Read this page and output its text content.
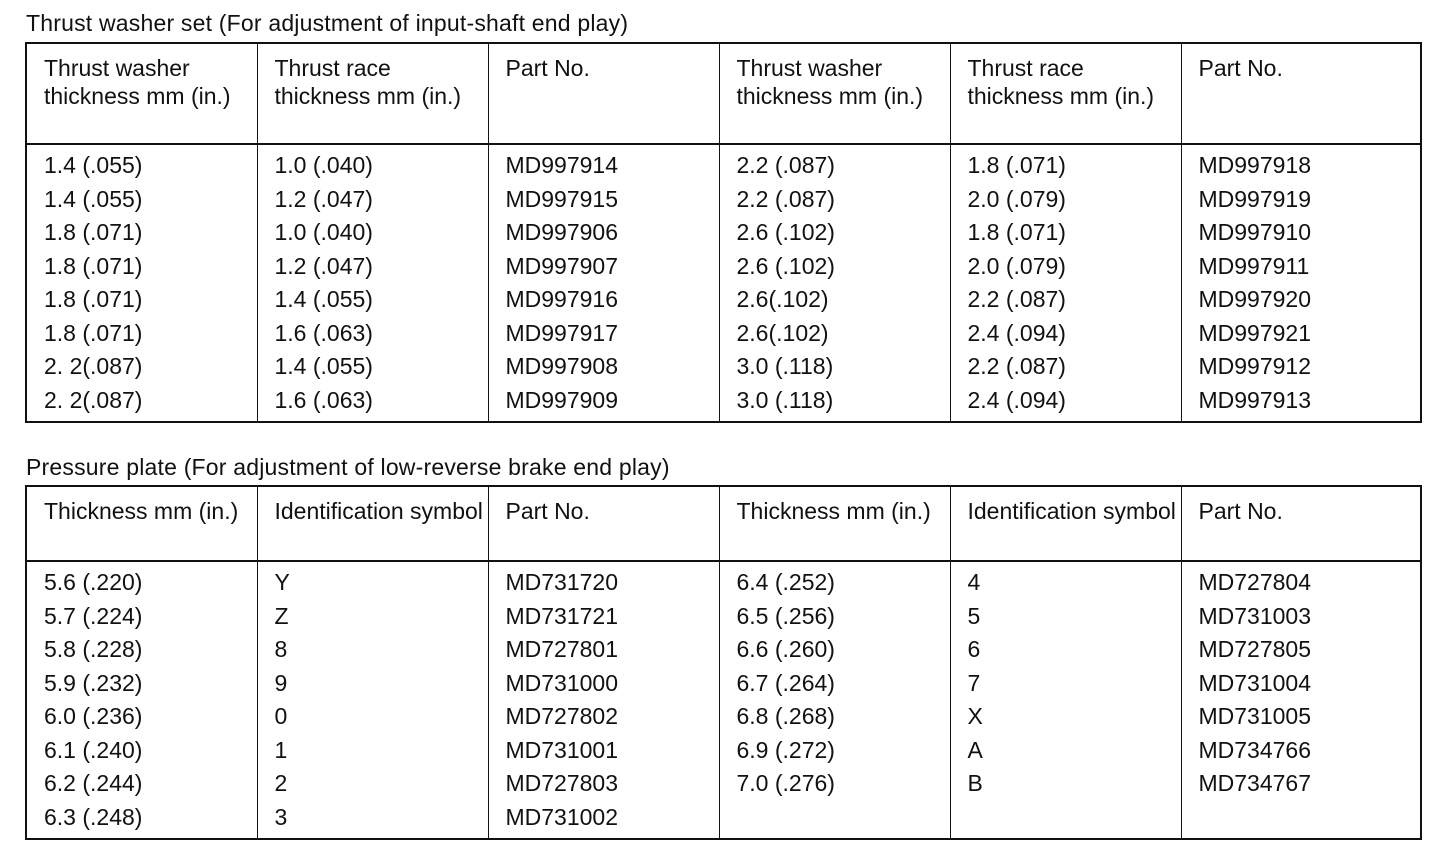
Thrust washer set (For adjustment of input-shaft end play)
Thrust washer thickness mm (in.)	Thrust race thickness mm (in.)	Part No.	Thrust washer thickness mm (in.)	Thrust race thickness mm (in.)	Part No.
1.4 (.055)	1.0 (.040)	MD997914	2.2 (.087)	1.8 (.071)	MD997918
1.4 (.055)	1.2 (.047)	MD997915	2.2 (.087)	2.0 (.079)	MD997919
1.8 (.071)	1.0 (.040)	MD997906	2.6 (.102)	1.8 (.071)	MD997910
1.8 (.071)	1.2 (.047)	MD997907	2.6 (.102)	2.0 (.079)	MD997911
1.8 (.071)	1.4 (.055)	MD997916	2.6(.102)	2.2 (.087)	MD997920
1.8 (.071)	1.6 (.063)	MD997917	2.6(.102)	2.4 (.094)	MD997921
2. 2(.087)	1.4 (.055)	MD997908	3.0 (.118)	2.2 (.087)	MD997912
2. 2(.087)	1.6 (.063)	MD997909	3.0 (.118)	2.4 (.094)	MD997913
Pressure plate (For adjustment of low-reverse brake end play)
Thickness mm (in.)	Identification symbol	Part No.	Thickness mm (in.)	Identification symbol	Part No.
5.6 (.220)	Y	MD731720	6.4 (.252)	4	MD727804
5.7 (.224)	Z	MD731721	6.5 (.256)	5	MD731003
5.8 (.228)	8	MD727801	6.6 (.260)	6	MD727805
5.9 (.232)	9	MD731000	6.7 (.264)	7	MD731004
6.0 (.236)	0	MD727802	6.8 (.268)	X	MD731005
6.1 (.240)	1	MD731001	6.9 (.272)	A	MD734766
6.2 (.244)	2	MD727803	7.0 (.276)	B	MD734767
6.3 (.248)	3	MD731002			
